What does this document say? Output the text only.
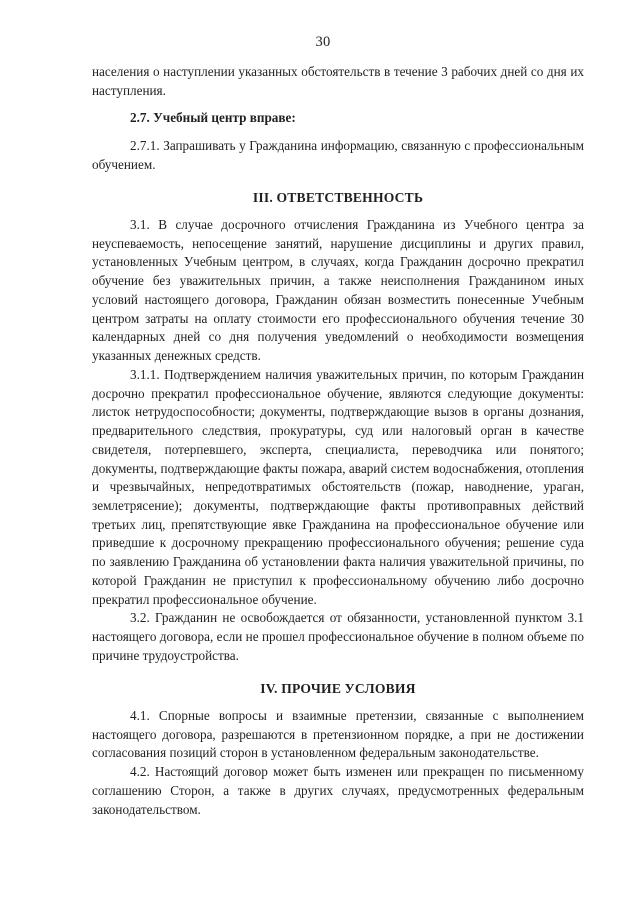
30

населения о наступлении указанных обстоятельств в течение 3 рабочих дней со дня их наступления.

2.7. Учебный центр вправе:

2.7.1. Запрашивать у Гражданина информацию, связанную с профессиональным обучением.

III. ОТВЕТСТВЕННОСТЬ

3.1. В случае досрочного отчисления Гражданина из Учебного центра за неуспеваемость, непосещение занятий, нарушение дисциплины и других правил, установленных Учебным центром, в случаях, когда Гражданин досрочно прекратил обучение без уважительных причин, а также неисполнения Гражданином иных условий настоящего договора, Гражданин обязан возместить понесенные Учебным центром затраты на оплату стоимости его профессионального обучения течение 30 календарных дней со дня получения уведомлений о необходимости возмещения указанных денежных средств.

3.1.1. Подтверждением наличия уважительных причин, по которым Гражданин досрочно прекратил профессиональное обучение, являются следующие документы: листок нетрудоспособности; документы, подтверждающие вызов в органы дознания, предварительного следствия, прокуратуры, суд или налоговый орган в качестве свидетеля, потерпевшего, эксперта, специалиста, переводчика или понятого; документы, подтверждающие факты пожара, аварий систем водоснабжения, отопления и чрезвычайных, непредотвратимых обстоятельств (пожар, наводнение, ураган, землетрясение); документы, подтверждающие факты противоправных действий третьих лиц, препятствующие явке Гражданина на профессиональное обучение или приведшие к досрочному прекращению профессионального обучения; решение суда по заявлению Гражданина об установлении факта наличия уважительной причины, по которой Гражданин не приступил к профессиональному обучению либо досрочно прекратил профессиональное обучение.

3.2. Гражданин не освобождается от обязанности, установленной пунктом 3.1 настоящего договора, если не прошел профессиональное обучение в полном объеме по причине трудоустройства.

IV. ПРОЧИЕ УСЛОВИЯ

4.1. Спорные вопросы и взаимные претензии, связанные с выполнением настоящего договора, разрешаются в претензионном порядке, а при не достижении согласования позиций сторон в установленном федеральным законодательстве.

4.2. Настоящий договор может быть изменен или прекращен по письменному соглашению Сторон, а также в других случаях, предусмотренных федеральным законодательством.
